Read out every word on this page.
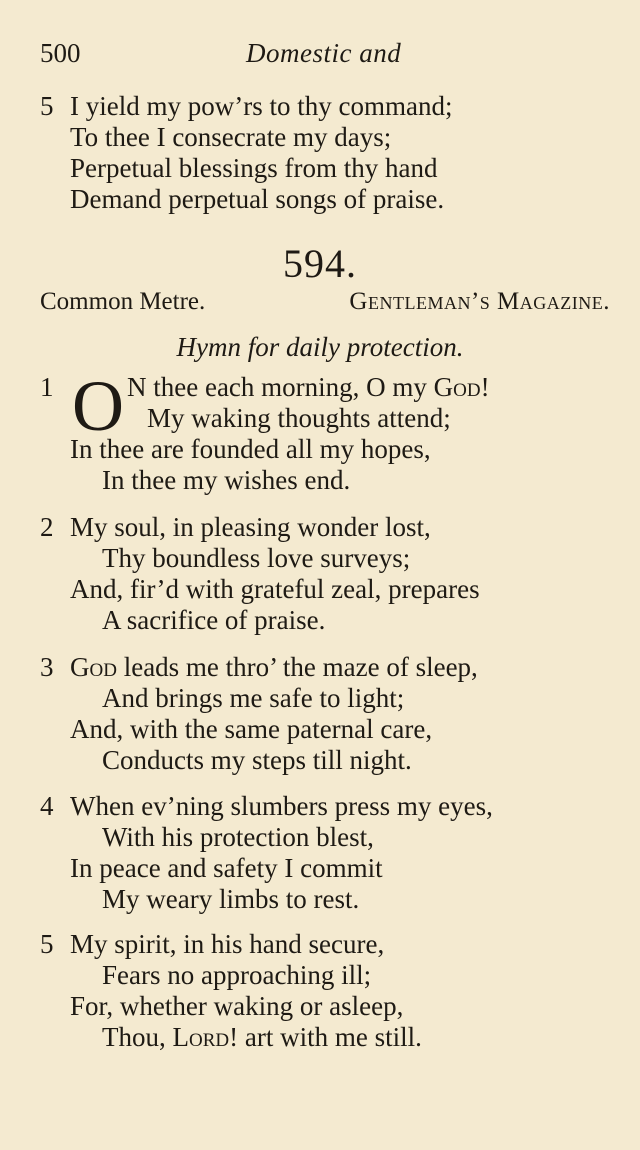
500	Domestic and
5 I yield my pow’rs to thy command;
To thee I consecrate my days;
Perpetual blessings from thy hand
Demand perpetual songs of praise.
594.
Common Metre.	Gentleman’s Magazine.
Hymn for daily protection.
1 O N thee each morning, O my God!
My waking thoughts attend;
In thee are founded all my hopes,
In thee my wishes end.
2 My soul, in pleasing wonder lost,
Thy boundless love surveys;
And, fir’d with grateful zeal, prepares
A sacrifice of praise.
3 God leads me thro’ the maze of sleep,
And brings me safe to light;
And, with the same paternal care,
Conducts my steps till night.
4 When ev’ning slumbers press my eyes,
With his protection blest,
In peace and safety I commit
My weary limbs to rest.
5 My spirit, in his hand secure,
Fears no approaching ill;
For, whether waking or asleep,
Thou, Lord! art with me still.
